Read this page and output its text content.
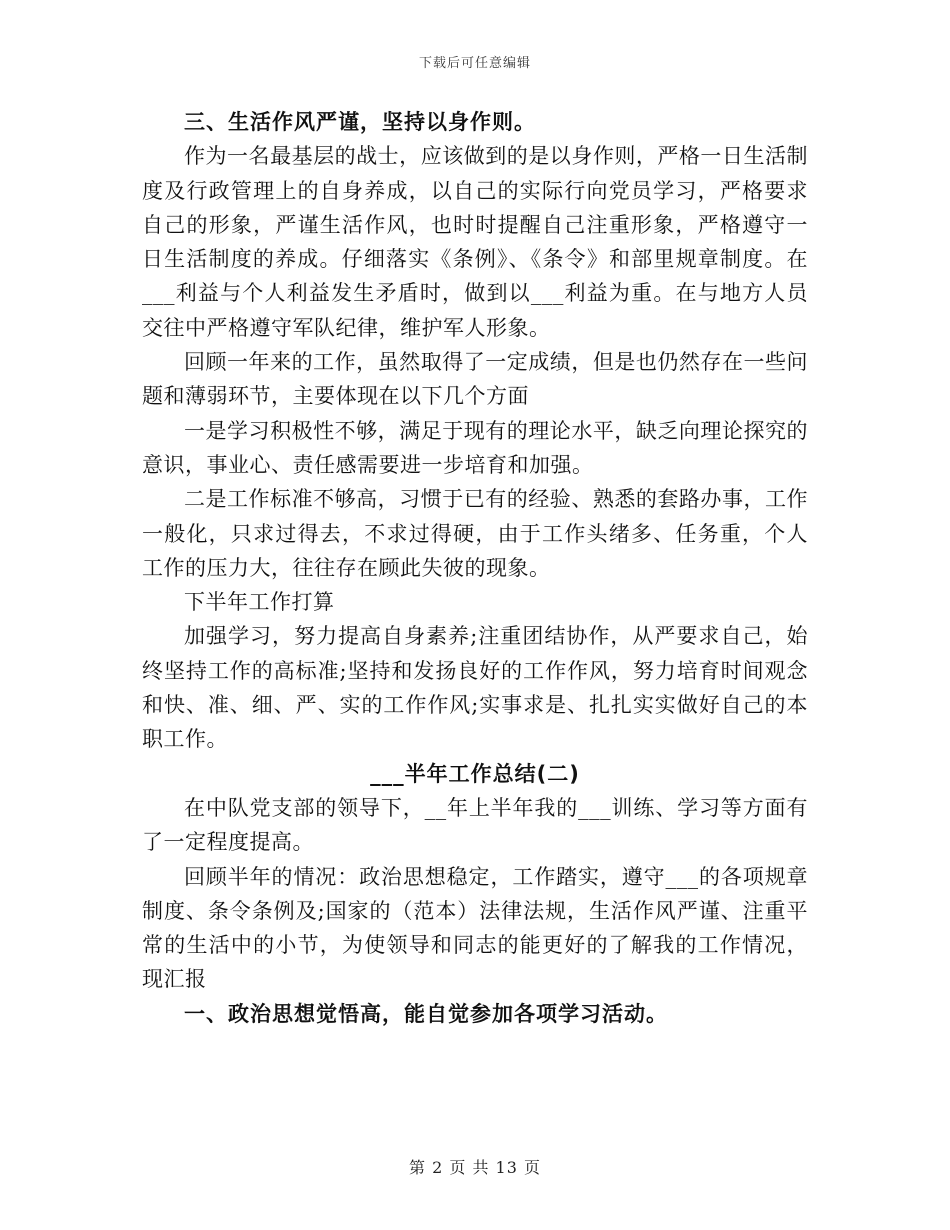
下载后可任意编辑

三、生活作风严谨，坚持以身作则。

作为一名最基层的战士，应该做到的是以身作则，严格一日生活制度及行政管理上的自身养成，以自己的实际行向党员学习，严格要求自己的形象，严谨生活作风，也时时提醒自己注重形象，严格遵守一日生活制度的养成。仔细落实《条例》、《条令》和部里规章制度。在___利益与个人利益发生矛盾时，做到以___利益为重。在与地方人员交往中严格遵守军队纪律，维护军人形象。

回顾一年来的工作，虽然取得了一定成绩，但是也仍然存在一些问题和薄弱环节，主要体现在以下几个方面

一是学习积极性不够，满足于现有的理论水平，缺乏向理论探究的意识，事业心、责任感需要进一步培育和加强。

二是工作标准不够高，习惯于已有的经验、熟悉的套路办事，工作一般化，只求过得去，不求过得硬，由于工作头绪多、任务重，个人工作的压力大，往往存在顾此失彼的现象。

下半年工作打算

加强学习，努力提高自身素养;注重团结协作，从严要求自己，始终坚持工作的高标准;坚持和发扬良好的工作作风，努力培育时间观念和快、准、细、严、实的工作作风;实事求是、扎扎实实做好自己的本职工作。

___半年工作总结(二)

在中队党支部的领导下，__年上半年我的___训练、学习等方面有了一定程度提高。

回顾半年的情况：政治思想稳定，工作踏实，遵守___的各项规章制度、条令条例及;国家的（范本）法律法规，生活作风严谨、注重平常的生活中的小节，为使领导和同志的能更好的了解我的工作情况，现汇报

一、政治思想觉悟高，能自觉参加各项学习活动。

第 2 页 共 13 页
